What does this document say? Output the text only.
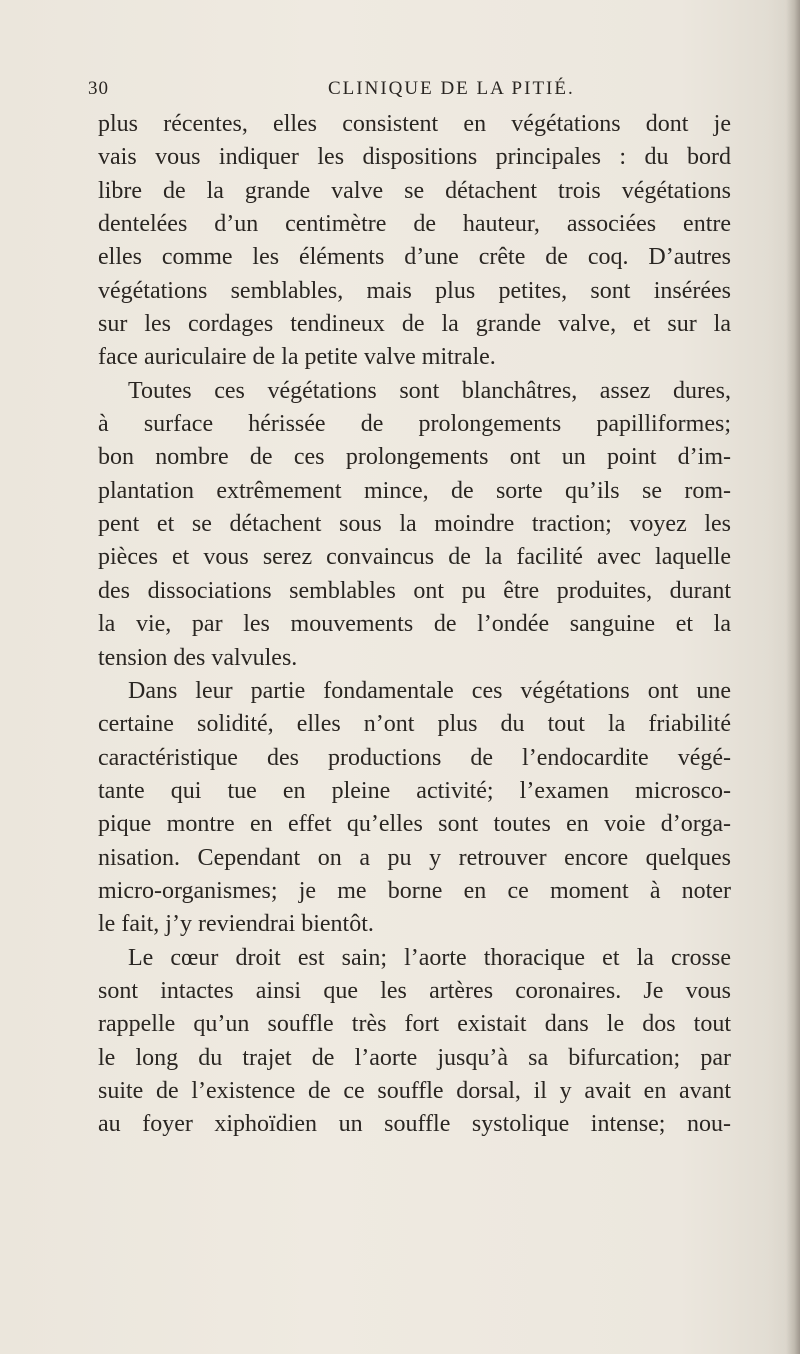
30	CLINIQUE DE LA PITIÉ.
plus récentes, elles consistent en végétations dont je
vais vous indiquer les dispositions principales : du bord
libre de la grande valve se détachent trois végétations
dentelées d’un centimètre de hauteur, associées entre
elles comme les éléments d’une crête de coq. D’autres
végétations semblables, mais plus petites, sont insérées
sur les cordages tendineux de la grande valve, et sur la
face auriculaire de la petite valve mitrale.
Toutes ces végétations sont blanchâtres, assez dures,
à surface hérissée de prolongements papilliformes;
bon nombre de ces prolongements ont un point d’im-
plantation extrêmement mince, de sorte qu’ils se rom-
pent et se détachent sous la moindre traction; voyez les
pièces et vous serez convaincus de la facilité avec laquelle
des dissociations semblables ont pu être produites, durant
la vie, par les mouvements de l’ondée sanguine et la
tension des valvules.
Dans leur partie fondamentale ces végétations ont une
certaine solidité, elles n’ont plus du tout la friabilité
caractéristique des productions de l’endocardite végé-
tante qui tue en pleine activité; l’examen microsco-
pique montre en effet qu’elles sont toutes en voie d’orga-
nisation. Cependant on a pu y retrouver encore quelques
micro-organismes; je me borne en ce moment à noter
le fait, j’y reviendrai bientôt.
Le cœur droit est sain; l’aorte thoracique et la crosse
sont intactes ainsi que les artères coronaires. Je vous
rappelle qu’un souffle très fort existait dans le dos tout
le long du trajet de l’aorte jusqu’à sa bifurcation; par
suite de l’existence de ce souffle dorsal, il y avait en avant
au foyer xiphoïdien un souffle systolique intense; nou-
